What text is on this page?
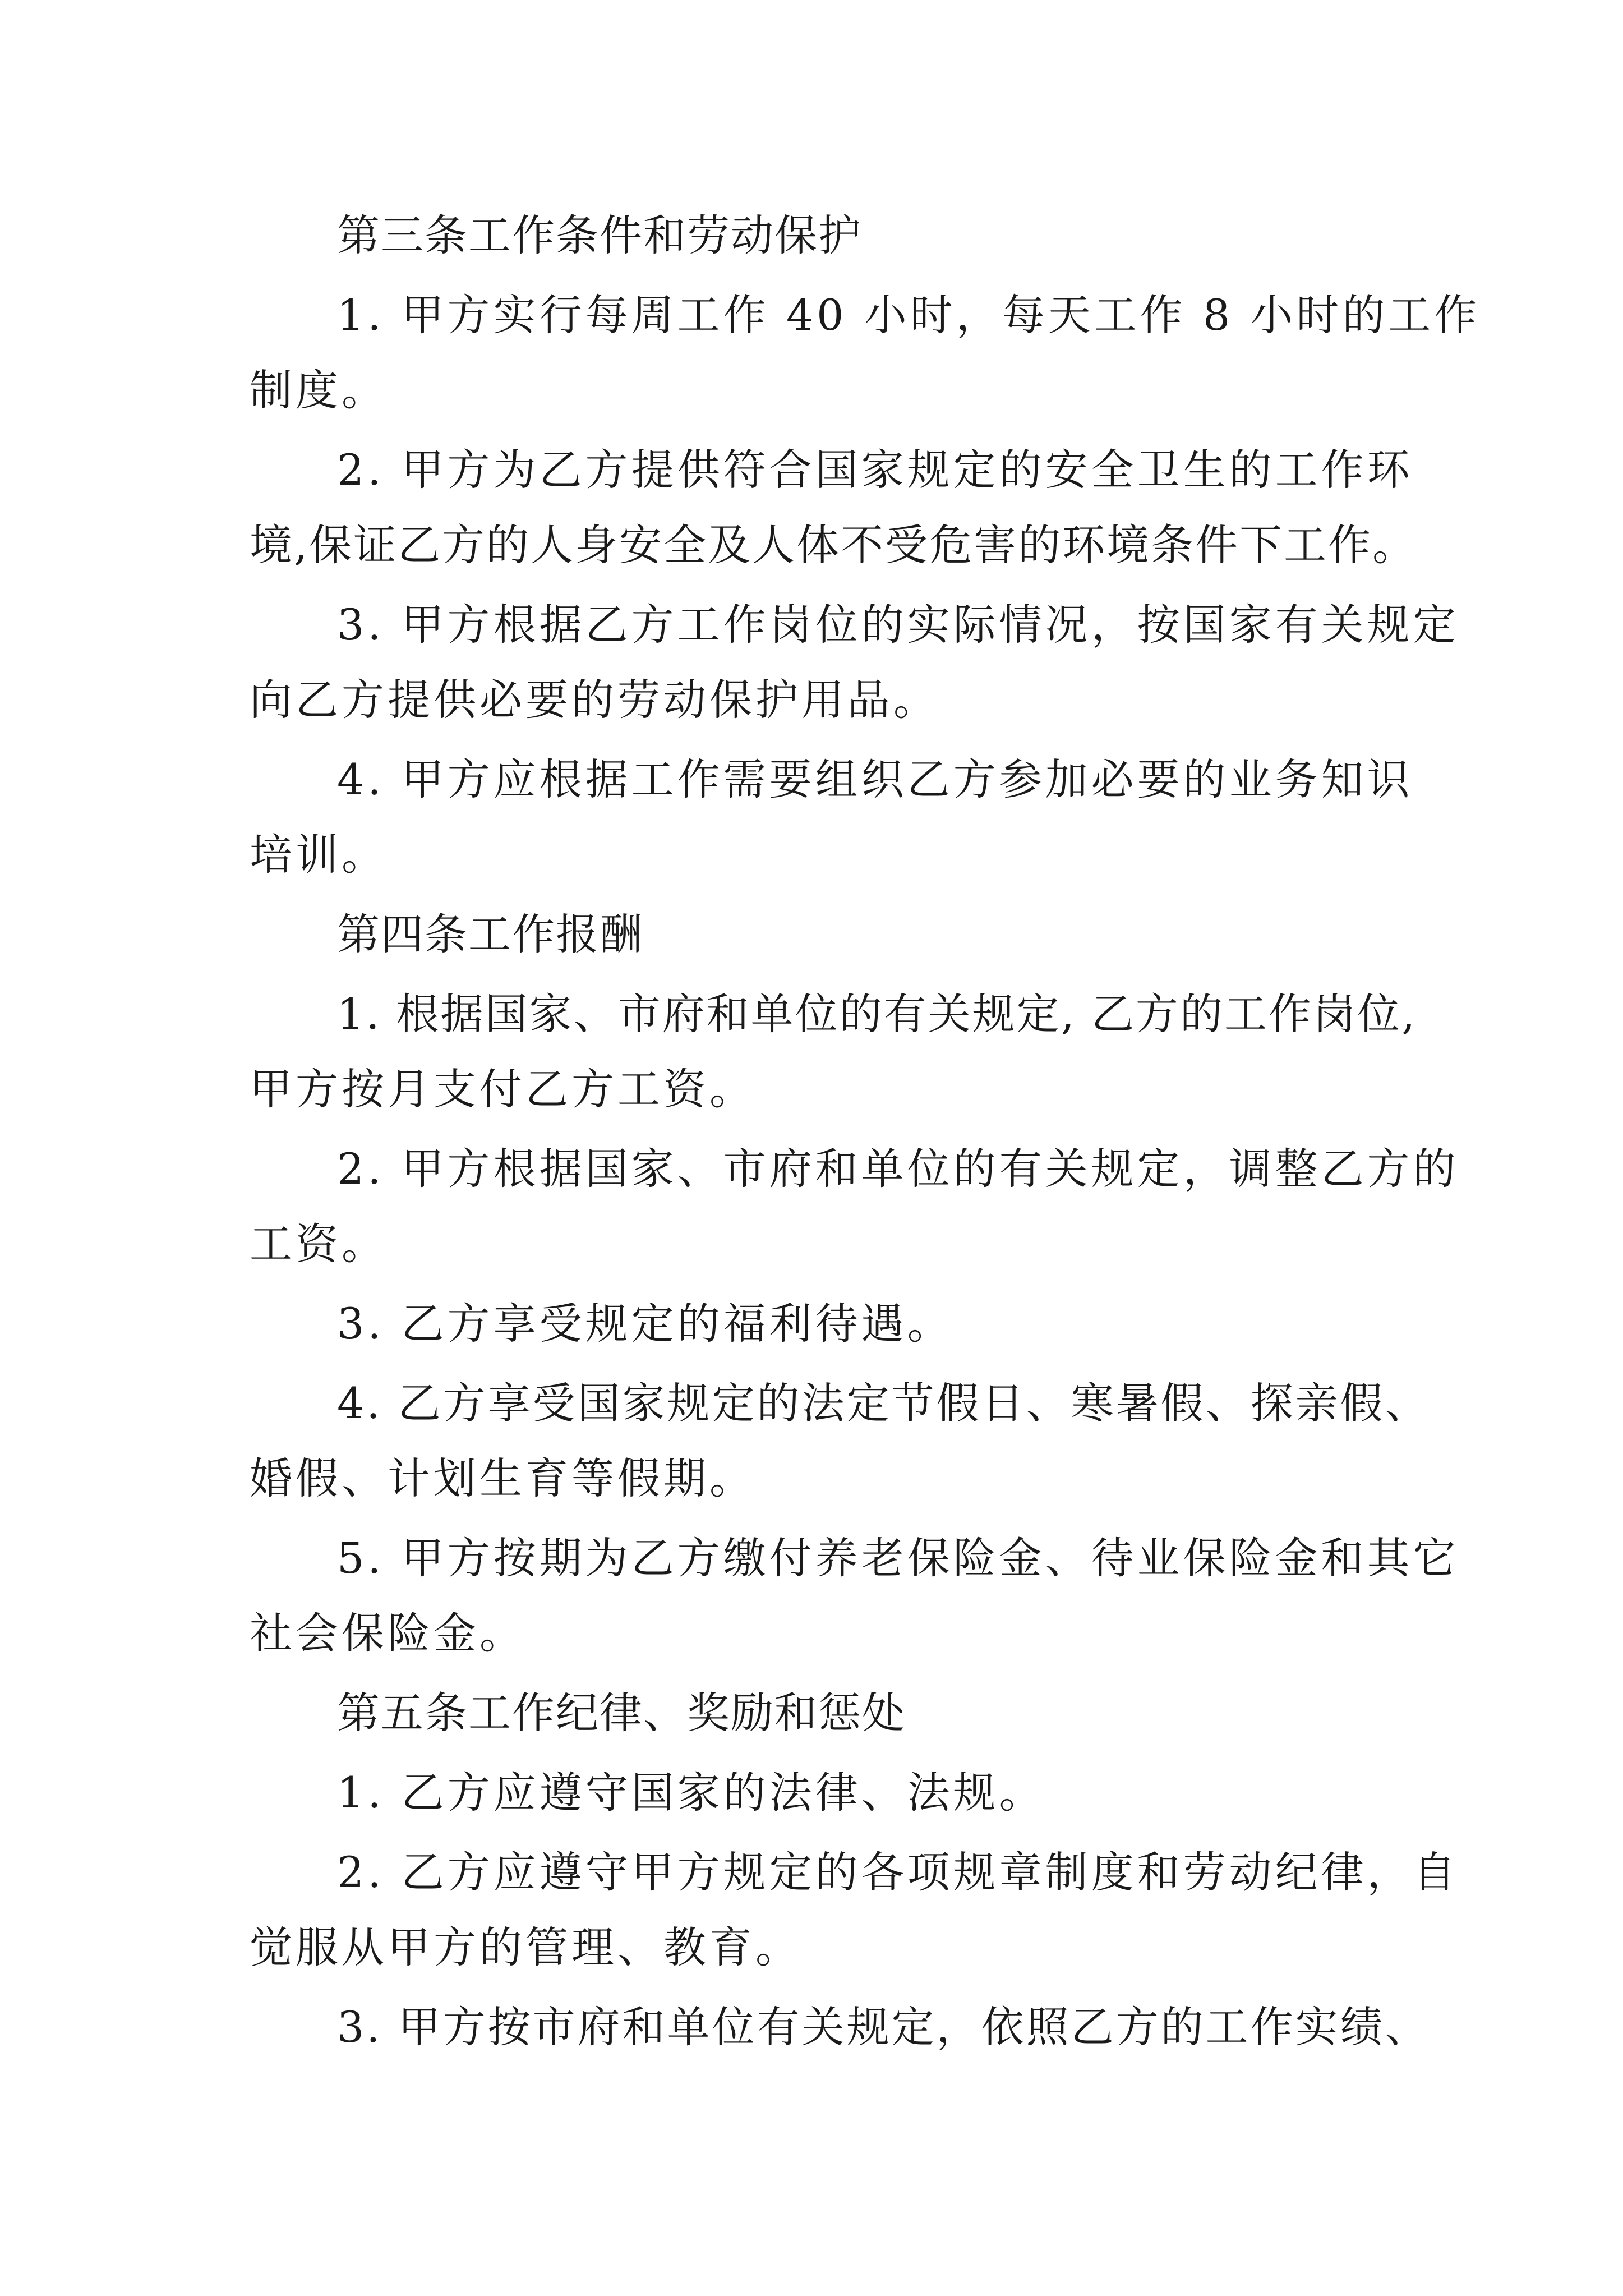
第三条工作条件和劳动保护

1. 甲方实行每周工作 40 小时，每天工作 8 小时的工作

制度。

2. 甲方为乙方提供符合国家规定的安全卫生的工作环

境,保证乙方的人身安全及人体不受危害的环境条件下工作。

3. 甲方根据乙方工作岗位的实际情况，按国家有关规定

向乙方提供必要的劳动保护用品。

4. 甲方应根据工作需要组织乙方参加必要的业务知识

培训。

第四条工作报酬

1. 根据国家、市府和单位的有关规定, 乙方的工作岗位,

甲方按月支付乙方工资。

2. 甲方根据国家、市府和单位的有关规定，调整乙方的

工资。

3. 乙方享受规定的福利待遇。

4. 乙方享受国家规定的法定节假日、寒暑假、探亲假、

婚假、计划生育等假期。

5. 甲方按期为乙方缴付养老保险金、待业保险金和其它

社会保险金。

第五条工作纪律、奖励和惩处

1. 乙方应遵守国家的法律、法规。

2. 乙方应遵守甲方规定的各项规章制度和劳动纪律，自

觉服从甲方的管理、教育。

3. 甲方按市府和单位有关规定，依照乙方的工作实绩、
